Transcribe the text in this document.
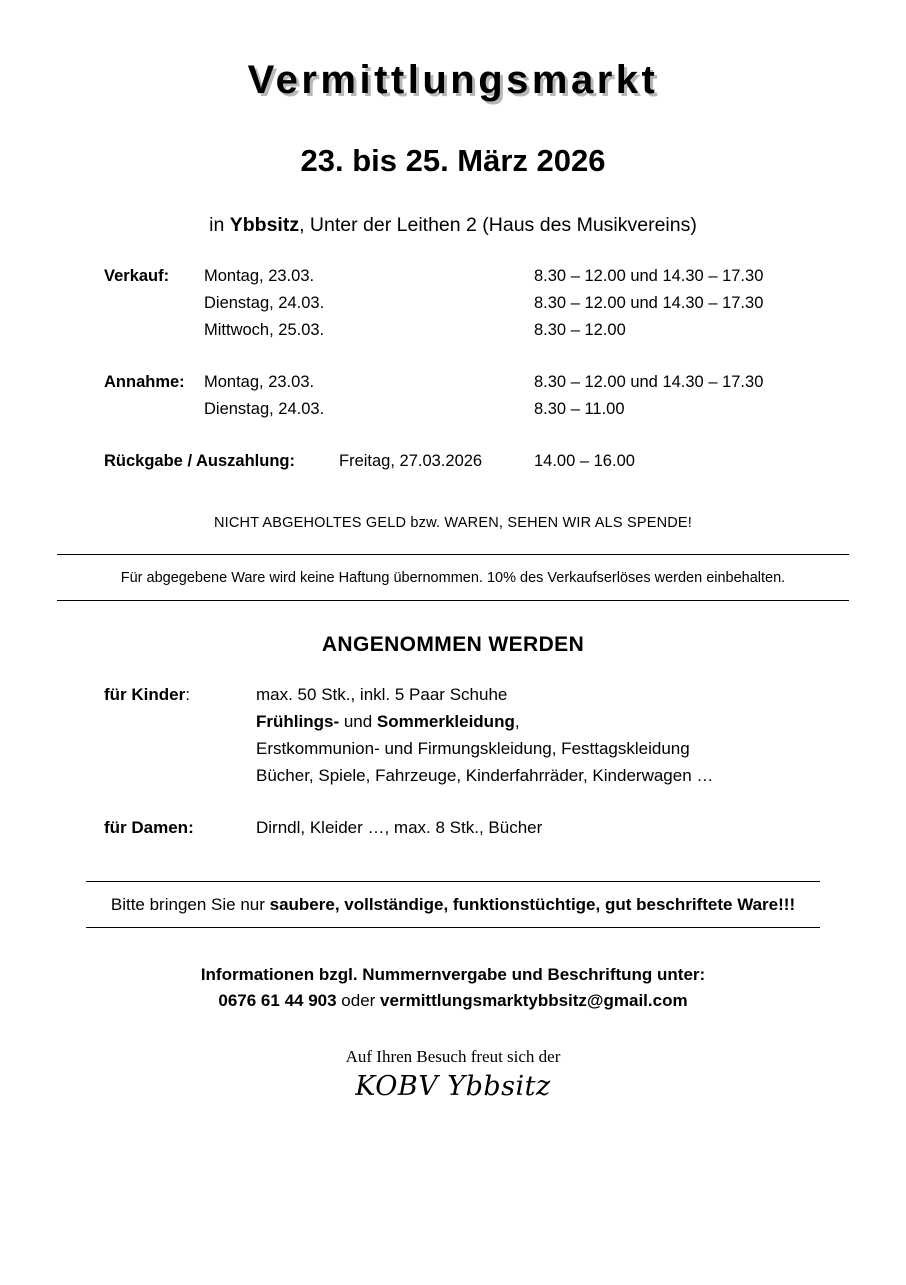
Vermittlungsmarkt
23. bis 25. März 2026
in Ybbsitz, Unter der Leithen 2 (Haus des Musikvereins)
Verkauf:	Montag, 23.03.	8.30 – 12.00 und 14.30 – 17.30
Dienstag, 24.03.	8.30 – 12.00 und 14.30 – 17.30
Mittwoch, 25.03.	8.30 – 12.00
Annahme:	Montag, 23.03.	8.30 – 12.00 und 14.30 – 17.30
Dienstag, 24.03.	8.30 – 11.00
Rückgabe / Auszahlung:	Freitag, 27.03.2026	14.00 – 16.00
NICHT ABGEHOLTES GELD bzw. WAREN, SEHEN WIR ALS SPENDE!
Für abgegebene Ware wird keine Haftung übernommen. 10% des Verkaufserlöses werden einbehalten.
ANGENOMMEN WERDEN
für Kinder:	max. 50 Stk., inkl. 5 Paar Schuhe
Frühlings- und Sommerkleidung,
Erstkommunion- und Firmungskleidung, Festtagskleidung
Bücher, Spiele, Fahrzeuge, Kinderfahrräder, Kinderwagen …
für Damen:	Dirndl, Kleider …, max. 8 Stk., Bücher
Bitte bringen Sie nur saubere, vollständige, funktionstüchtige, gut beschriftete Ware!!!
Informationen bzgl. Nummernvergabe und Beschriftung unter:
0676 61 44 903 oder vermittlungsmarktybbsitz@gmail.com
Auf Ihren Besuch freut sich der
KOBV Ybbsitz
